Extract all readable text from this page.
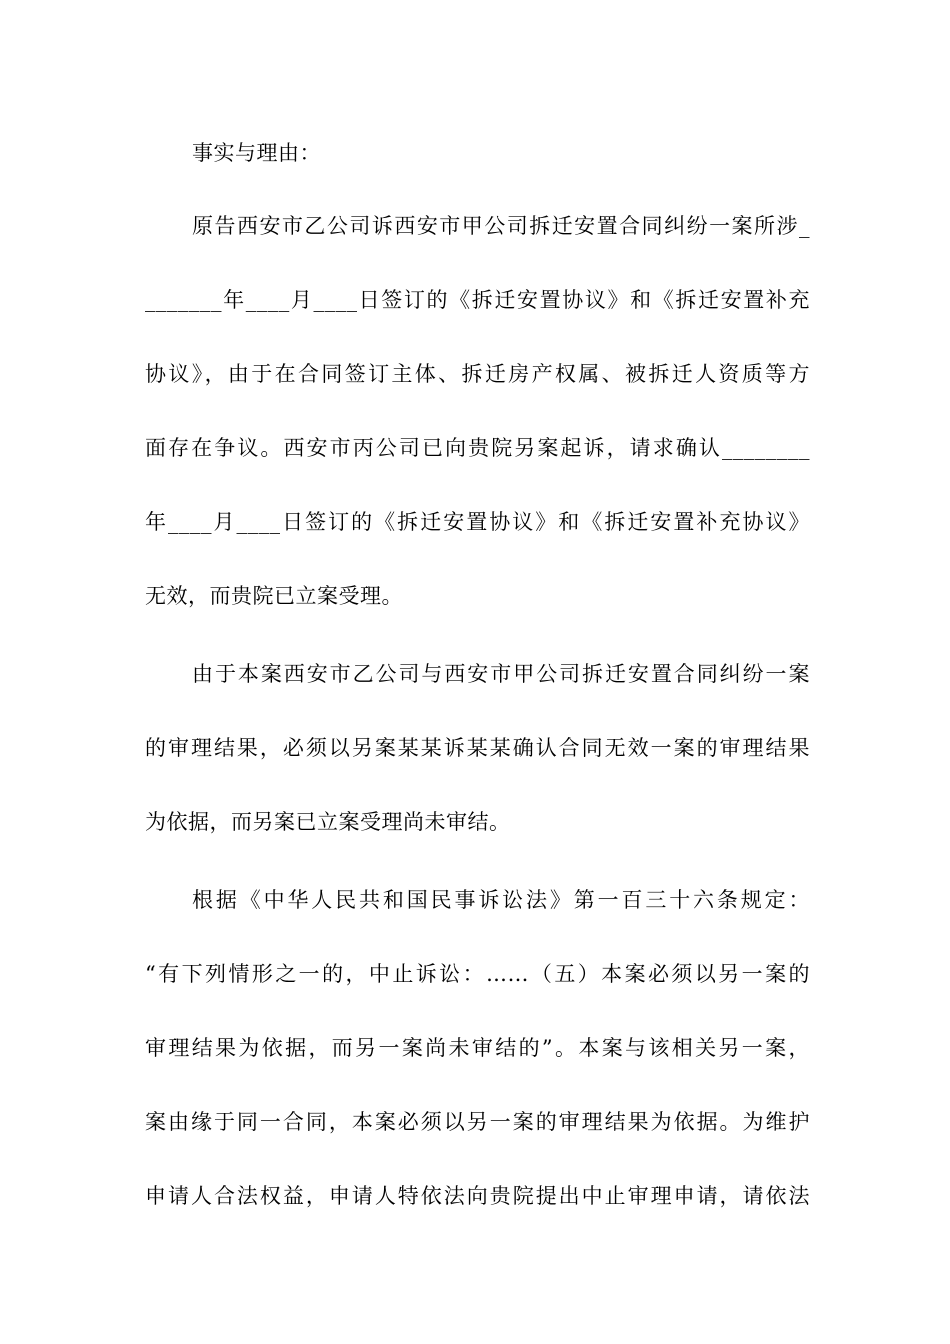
事实与理由：
原告西安市乙公司诉西安市甲公司拆迁安置合同纠纷一案所涉_
_______年____月____日签订的《拆迁安置协议》和《拆迁安置补充
协议》，由于在合同签订主体、拆迁房产权属、被拆迁人资质等方
面存在争议。西安市丙公司已向贵院另案起诉，请求确认________
年____月____日签订的《拆迁安置协议》和《拆迁安置补充协议》
无效，而贵院已立案受理。
由于本案西安市乙公司与西安市甲公司拆迁安置合同纠纷一案
的审理结果，必须以另案某某诉某某确认合同无效一案的审理结果
为依据，而另案已立案受理尚未审结。
根据《中华人民共和国民事诉讼法》第一百三十六条规定：
“有下列情形之一的，中止诉讼：……（五）本案必须以另一案的
审理结果为依据，而另一案尚未审结的”。本案与该相关另一案，
案由缘于同一合同，本案必须以另一案的审理结果为依据。为维护
申请人合法权益，申请人特依法向贵院提出中止审理申请，请依法
